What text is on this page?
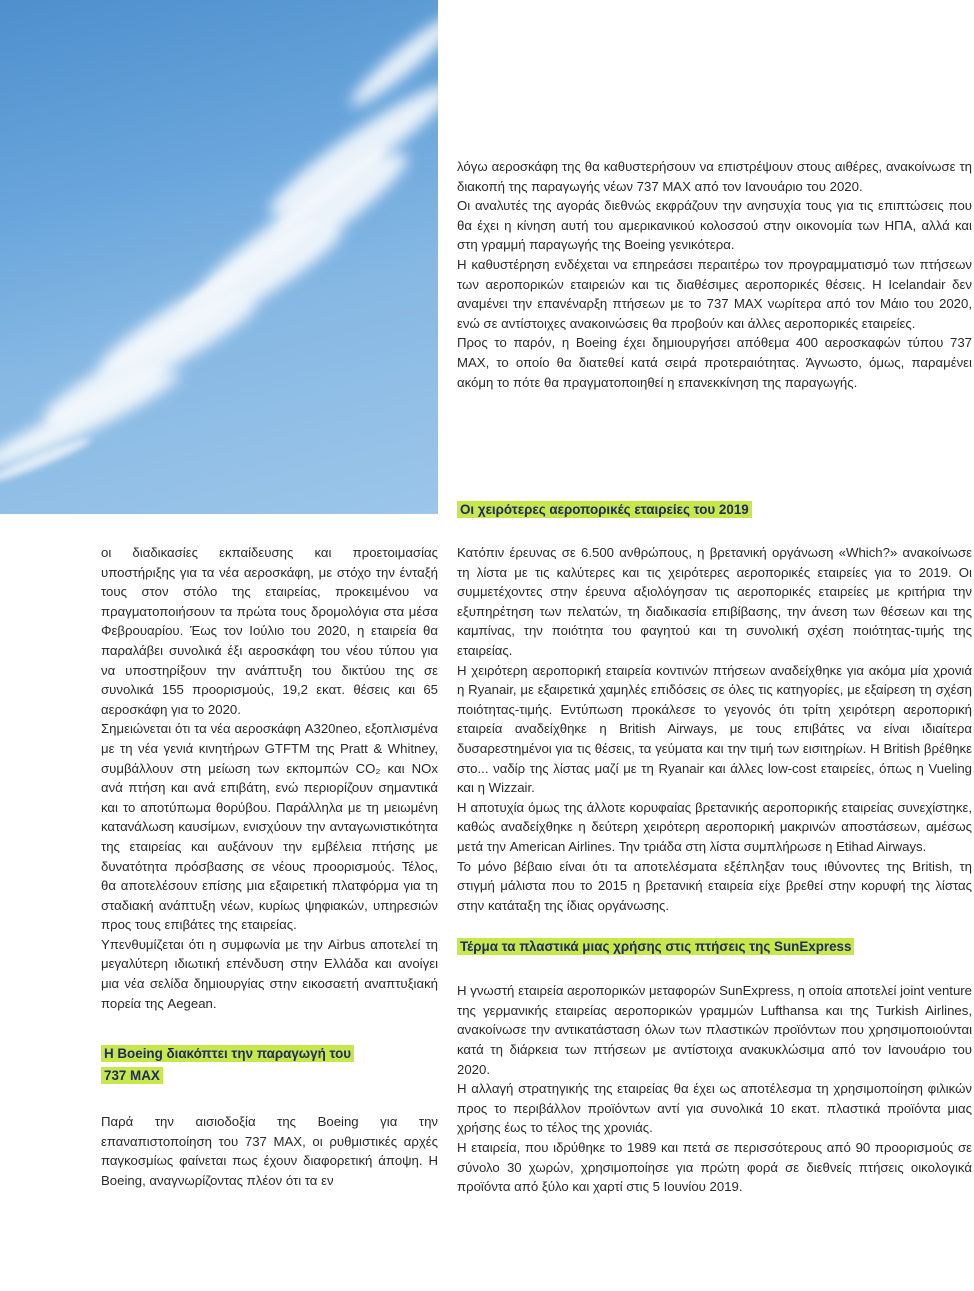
λόγω αεροσκάφη της θα καθυστερήσουν να επιστρέψουν στους αιθέρες, ανακοίνωσε τη διακοπή της παραγωγής νέων 737 MAX από τον Ιανουάριο του 2020.

Οι αναλυτές της αγοράς διεθνώς εκφράζουν την ανησυχία τους για τις επιπτώσεις που θα έχει η κίνηση αυτή του αμερικανικού κολοσσού στην οικονομία των ΗΠΑ, αλλά και στη γραμμή παραγωγής της Boeing γενικότερα.

Η καθυστέρηση ενδέχεται να επηρεάσει περαιτέρω τον προγραμματισμό των πτήσεων των αεροπορικών εταιρειών και τις διαθέσιμες αεροπορικές θέσεις. Η Icelandair δεν αναμένει την επανέναρξη πτήσεων με το 737 MAX νωρίτερα από τον Μάιο του 2020, ενώ σε αντίστοιχες ανακοινώσεις θα προβούν και άλλες αεροπορικές εταιρείες.

Προς το παρόν, η Boeing έχει δημιουργήσει απόθεμα 400 αεροσκαφών τύπου 737 MAX, το οποίο θα διατεθεί κατά σειρά προτεραιότητας. Άγνωστο, όμως, παραμένει ακόμη το πότε θα πραγματοποιηθεί η επανεκκίνηση της παραγωγής.

Οι χειρότερες αεροπορικές εταιρείες του 2019

οι διαδικασίες εκπαίδευσης και προετοιμασίας υποστήριξης για τα νέα αεροσκάφη, με στόχο την ένταξή τους στον στόλο της εταιρείας, προκειμένου να πραγματοποιήσουν τα πρώτα τους δρομολόγια στα μέσα Φεβρουαρίου. Έως τον Ιούλιο του 2020, η εταιρεία θα παραλάβει συνολικά έξι αεροσκάφη του νέου τύπου για να υποστηρίξουν την ανάπτυξη του δικτύου της σε συνολικά 155 προορισμούς, 19,2 εκατ. θέσεις και 65 αεροσκάφη για το 2020.

Σημειώνεται ότι τα νέα αεροσκάφη A320neo, εξοπλισμένα με τη νέα γενιά κινητήρων GTFTM της Pratt & Whitney, συμβάλλουν στη μείωση των εκπομπών CO₂ και NOx ανά πτήση και ανά επιβάτη, ενώ περιορίζουν σημαντικά και το αποτύπωμα θορύβου. Παράλληλα με τη μειωμένη κατανάλωση καυσίμων, ενισχύουν την ανταγωνιστικότητα της εταιρείας και αυξάνουν την εμβέλεια πτήσης με δυνατότητα πρόσβασης σε νέους προορισμούς. Τέλος, θα αποτελέσουν επίσης μια εξαιρετική πλατφόρμα για τη σταδιακή ανάπτυξη νέων, κυρίως ψηφιακών, υπηρεσιών προς τους επιβάτες της εταιρείας.

Υπενθυμίζεται ότι η συμφωνία με την Airbus αποτελεί τη μεγαλύτερη ιδιωτική επένδυση στην Ελλάδα και ανοίγει μια νέα σελίδα δημιουργίας στην εικοσαετή αναπτυξιακή πορεία της Aegean.

Η Boeing διακόπτει την παραγωγή του 737 MAX

Παρά την αισιοδοξία της Boeing για την επαναπιστοποίηση του 737 MAX, οι ρυθμιστικές αρχές παγκοσμίως φαίνεται πως έχουν διαφορετική άποψη. Η Boeing, αναγνωρίζοντας πλέον ότι τα εν

Κατόπιν έρευνας σε 6.500 ανθρώπους, η βρετανική οργάνωση «Which?» ανακοίνωσε τη λίστα με τις καλύτερες και τις χειρότερες αεροπορικές εταιρείες για το 2019. Οι συμμετέχοντες στην έρευνα αξιολόγησαν τις αεροπορικές εταιρείες με κριτήρια την εξυπηρέτηση των πελατών, τη διαδικασία επιβίβασης, την άνεση των θέσεων και της καμπίνας, την ποιότητα του φαγητού και τη συνολική σχέση ποιότητας-τιμής της εταιρείας.

Η χειρότερη αεροπορική εταιρεία κοντινών πτήσεων αναδείχθηκε για ακόμα μία χρονιά η Ryanair, με εξαιρετικά χαμηλές επιδόσεις σε όλες τις κατηγορίες, με εξαίρεση τη σχέση ποιότητας-τιμής. Εντύπωση προκάλεσε το γεγονός ότι τρίτη χειρότερη αεροπορική εταιρεία αναδείχθηκε η British Airways, με τους επιβάτες να είναι ιδιαίτερα δυσαρεστημένοι για τις θέσεις, τα γεύματα και την τιμή των εισιτηρίων. Η British βρέθηκε στο... ναδίρ της λίστας μαζί με τη Ryanair και άλλες low-cost εταιρείες, όπως η Vueling και η Wizzair.

Η αποτυχία όμως της άλλοτε κορυφαίας βρετανικής αεροπορικής εταιρείας συνεχίστηκε, καθώς αναδείχθηκε η δεύτερη χειρότερη αεροπορική μακρινών αποστάσεων, αμέσως μετά την American Airlines. Την τριάδα στη λίστα συμπλήρωσε η Etihad Airways.

Το μόνο βέβαιο είναι ότι τα αποτελέσματα εξέπληξαν τους ιθύνοντες της British, τη στιγμή μάλιστα που το 2015 η βρετανική εταιρεία είχε βρεθεί στην κορυφή της λίστας στην κατάταξη της ίδιας οργάνωσης.

Τέρμα τα πλαστικά μιας χρήσης στις πτήσεις της SunExpress

Η γνωστή εταιρεία αεροπορικών μεταφορών SunExpress, η οποία αποτελεί joint venture της γερμανικής εταιρείας αεροπορικών γραμμών Lufthansa και της Turkish Airlines, ανακοίνωσε την αντικατάσταση όλων των πλαστικών προϊόντων που χρησιμοποιούνται κατά τη διάρκεια των πτήσεων με αντίστοιχα ανακυκλώσιμα από τον Ιανουάριο του 2020.

Η αλλαγή στρατηγικής της εταιρείας θα έχει ως αποτέλεσμα τη χρησιμοποίηση φιλικών προς το περιβάλλον προϊόντων αντί για συνολικά 10 εκατ. πλαστικά προϊόντα μιας χρήσης έως το τέλος της χρονιάς.

Η εταιρεία, που ιδρύθηκε το 1989 και πετά σε περισσότερους από 90 προορισμούς σε σύνολο 30 χωρών, χρησιμοποίησε για πρώτη φορά σε διεθνείς πτήσεις οικολογικά προϊόντα από ξύλο και χαρτί στις 5 Ιουνίου 2019.
